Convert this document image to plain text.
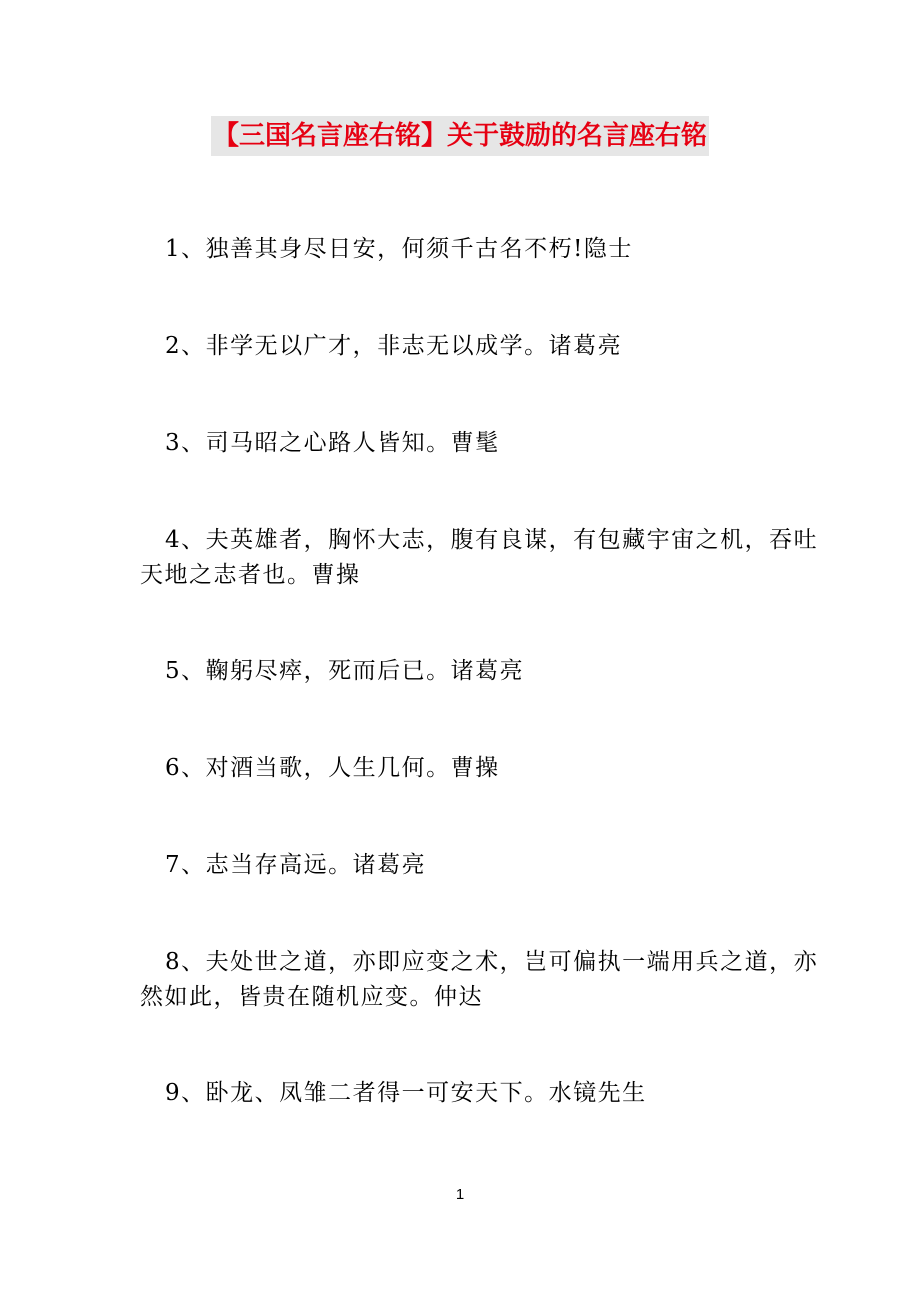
【三国名言座右铭】关于鼓励的名言座右铭
1、独善其身尽日安，何须千古名不朽!隐士
2、非学无以广才，非志无以成学。诸葛亮
3、司马昭之心路人皆知。曹髦
4、夫英雄者，胸怀大志，腹有良谋，有包藏宇宙之机，吞吐天地之志者也。曹操
5、鞠躬尽瘁，死而后已。诸葛亮
6、对酒当歌，人生几何。曹操
7、志当存高远。诸葛亮
8、夫处世之道，亦即应变之术，岂可偏执一端用兵之道，亦然如此，皆贵在随机应变。仲达
9、卧龙、凤雏二者得一可安天下。水镜先生
1
